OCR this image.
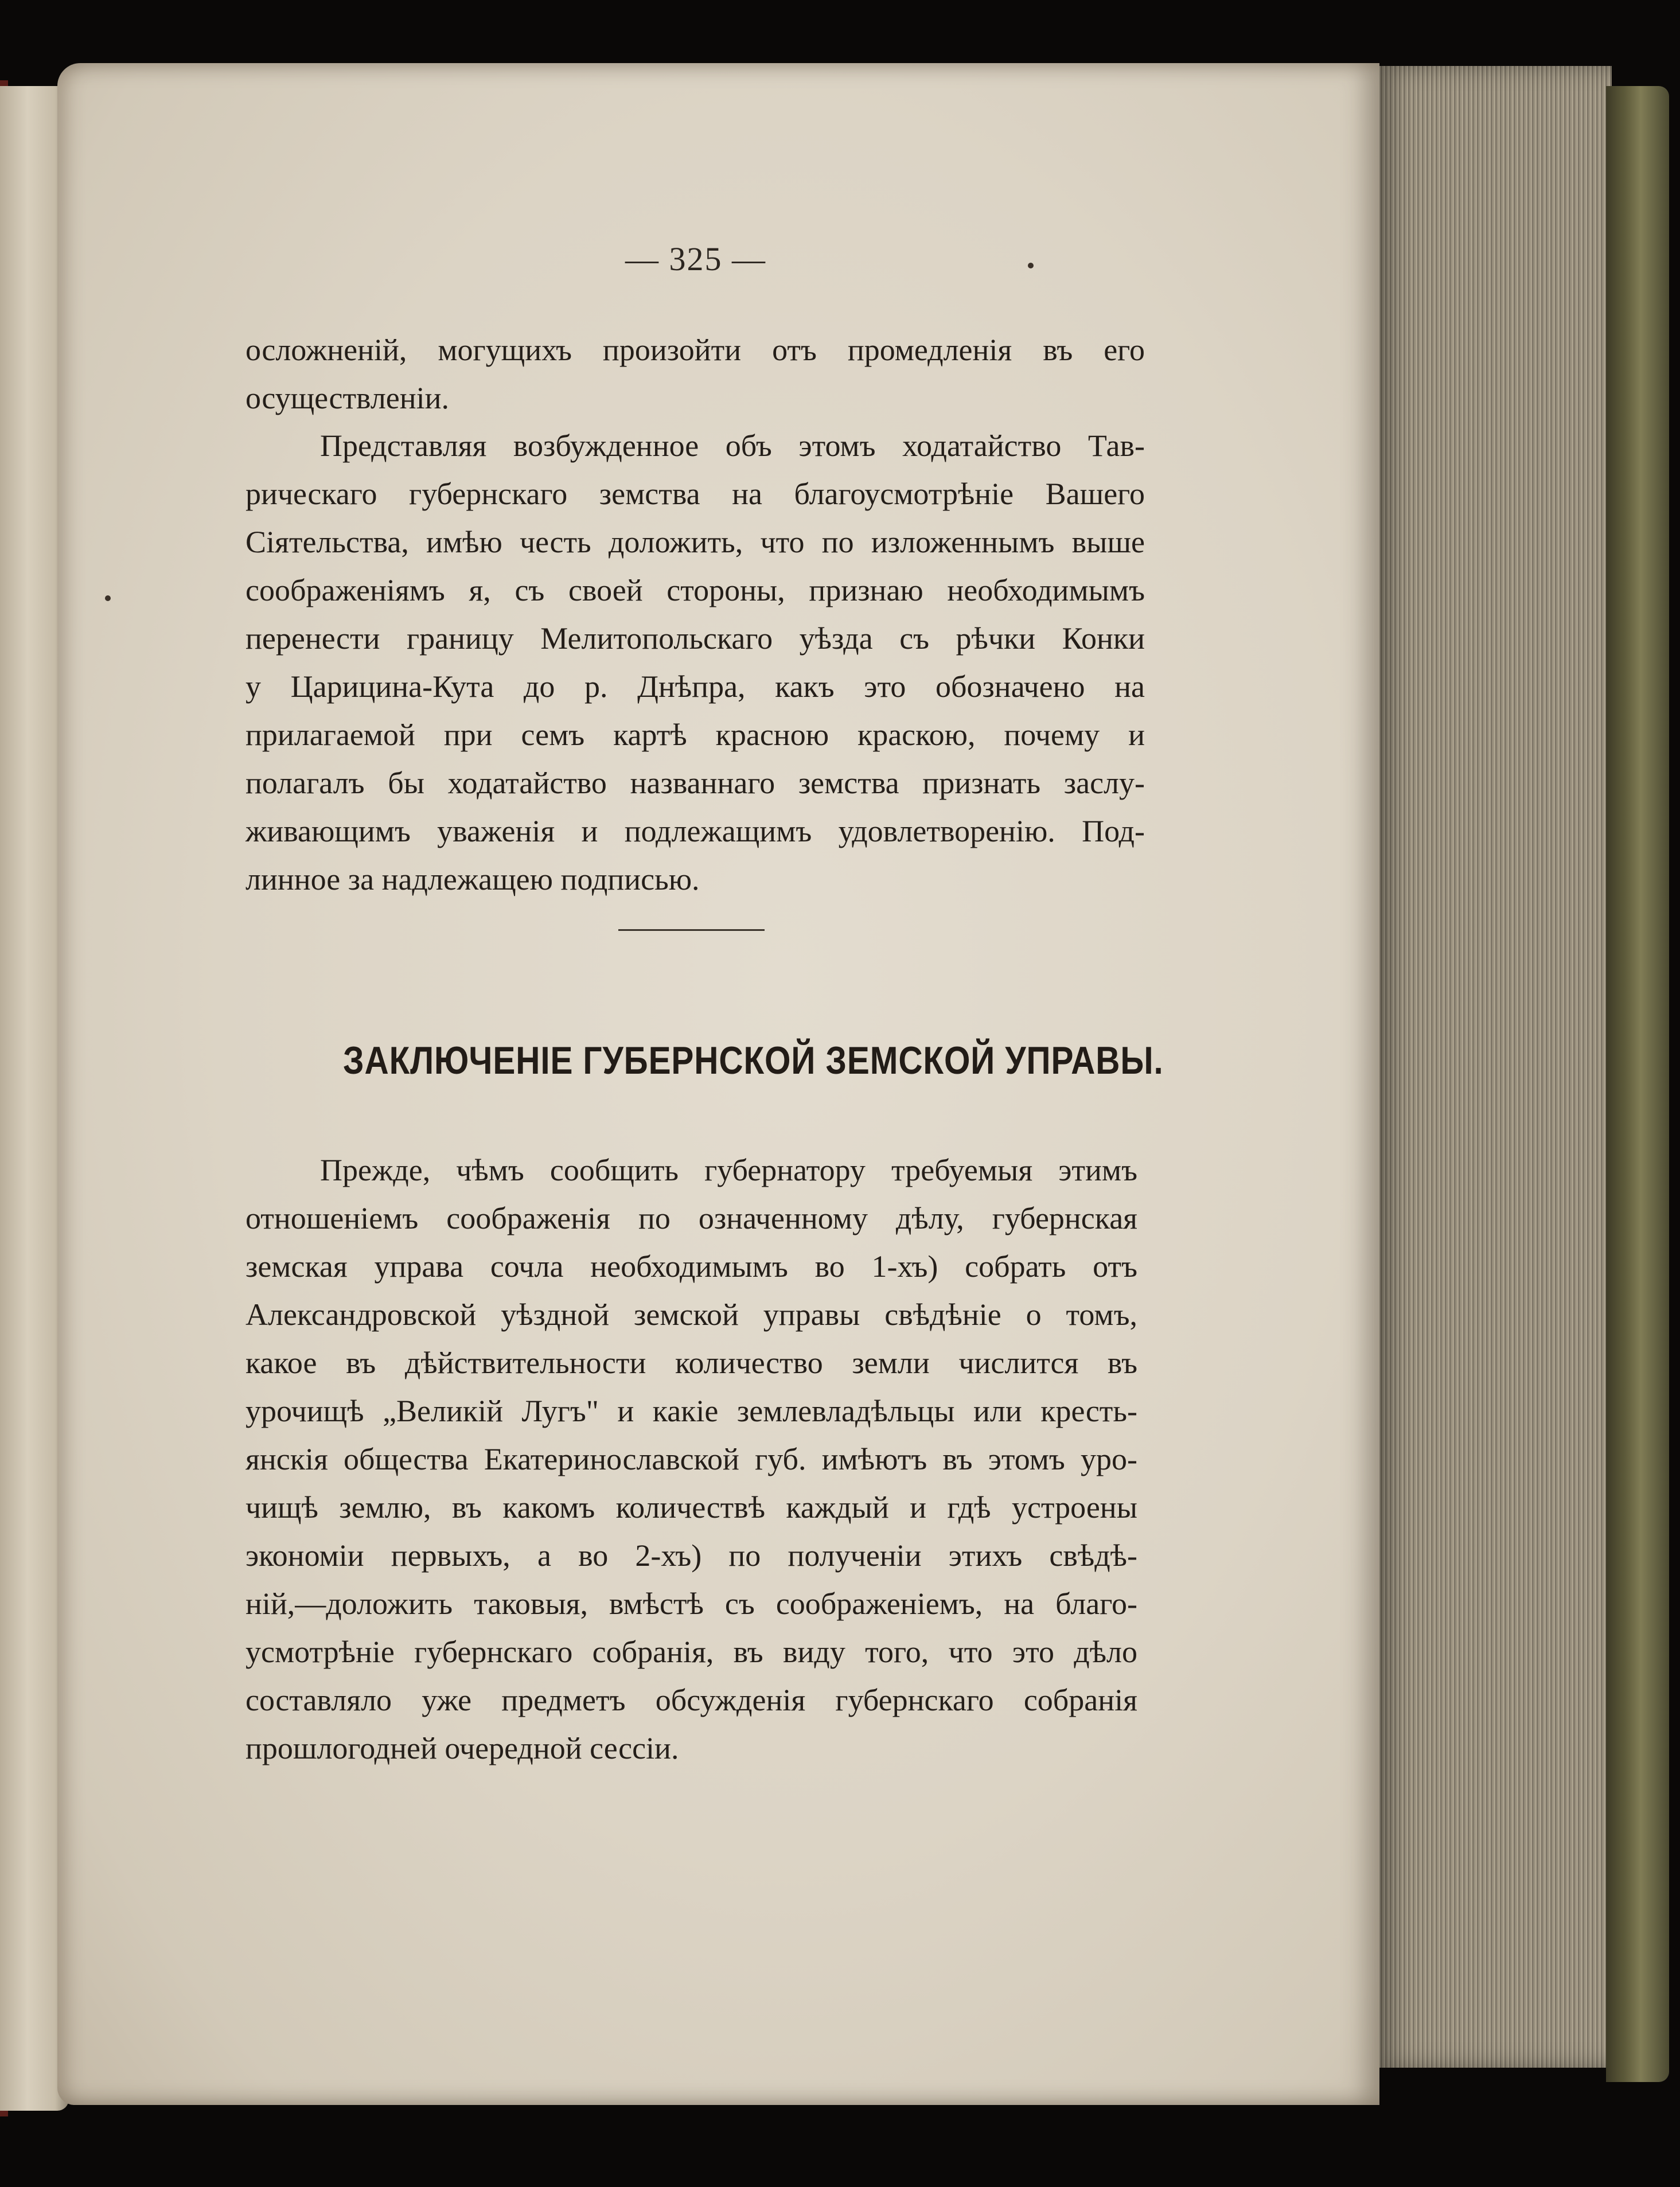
— 325 —
осложненій, могущихъ произойти отъ промедленія въ его
осуществленіи.
Представляя возбужденное объ этомъ ходатайство Тав-
рическаго губернскаго земства на благоусмотрѣніе Вашего
Сіятельства, имѣю честь доложить, что по изложеннымъ выше
соображеніямъ я, съ своей стороны, признаю необходимымъ
перенести границу Мелитопольскаго уѣзда съ рѣчки Конки
у Царицина-Кута до р. Днѣпра, какъ это обозначено на
прилагаемой при семъ картѣ красною краскою, почему и
полагалъ бы ходатайство названнаго земства признать заслу-
живающимъ уваженія и подлежащимъ удовлетворенію. Под-
линное за надлежащею подписью.
ЗАКЛЮЧЕНІЕ ГУБЕРНСКОЙ ЗЕМСКОЙ УПРАВЫ.
Прежде, чѣмъ сообщить губернатору требуемыя этимъ
отношеніемъ соображенія по означенному дѣлу, губернская
земская управа сочла необходимымъ во 1-хъ) собрать отъ
Александровской уѣздной земской управы свѣдѣніе о томъ,
какое въ дѣйствительности количество земли числится въ
урочищѣ „Великій Лугъ" и какіе землевладѣльцы или кресть-
янскія общества Екатеринославской губ. имѣютъ въ этомъ уро-
чищѣ землю, въ какомъ количествѣ каждый и гдѣ устроены
экономіи первыхъ, а во 2-хъ) по полученіи этихъ свѣдѣ-
ній,—доложить таковыя, вмѣстѣ съ соображеніемъ, на благо-
усмотрѣніе губернскаго собранія, въ виду того, что это дѣло
составляло уже предметъ обсужденія губернскаго собранія
прошлогодней очередной сессіи.
